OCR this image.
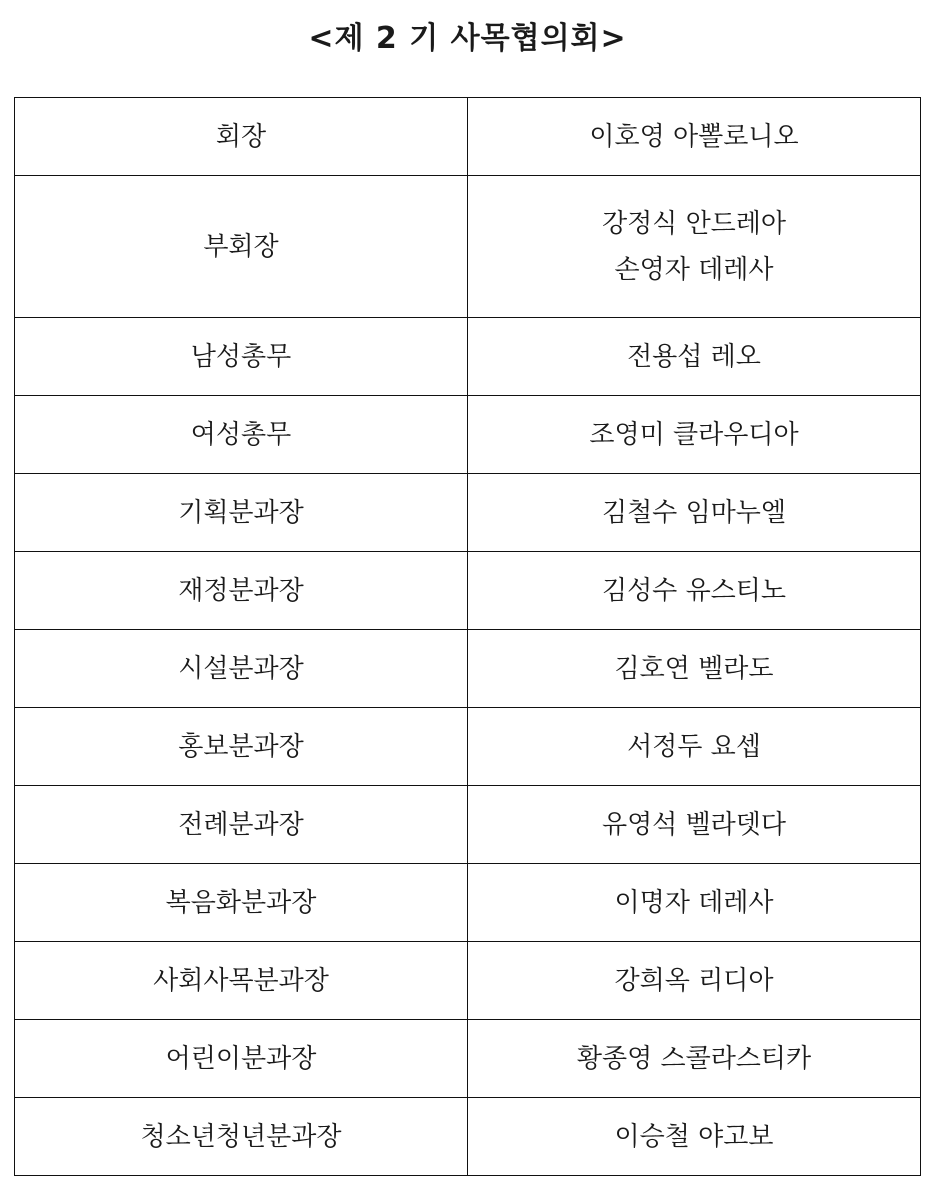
<제 2 기 사목협의회>
회장	이호영 아뽈로니오

부회장	강정식 안드레아
손영자 데레사

남성총무	전용섭 레오

여성총무	조영미 클라우디아

기획분과장	김철수 임마누엘

재정분과장	김성수 유스티노

시설분과장	김호연 벨라도

홍보분과장	서정두 요셉

전례분과장	유영석 벨라뎃다

복음화분과장	이명자 데레사

사회사목분과장	강희옥 리디아

어린이분과장	황종영 스콜라스티카

청소년청년분과장	이승철 야고보
